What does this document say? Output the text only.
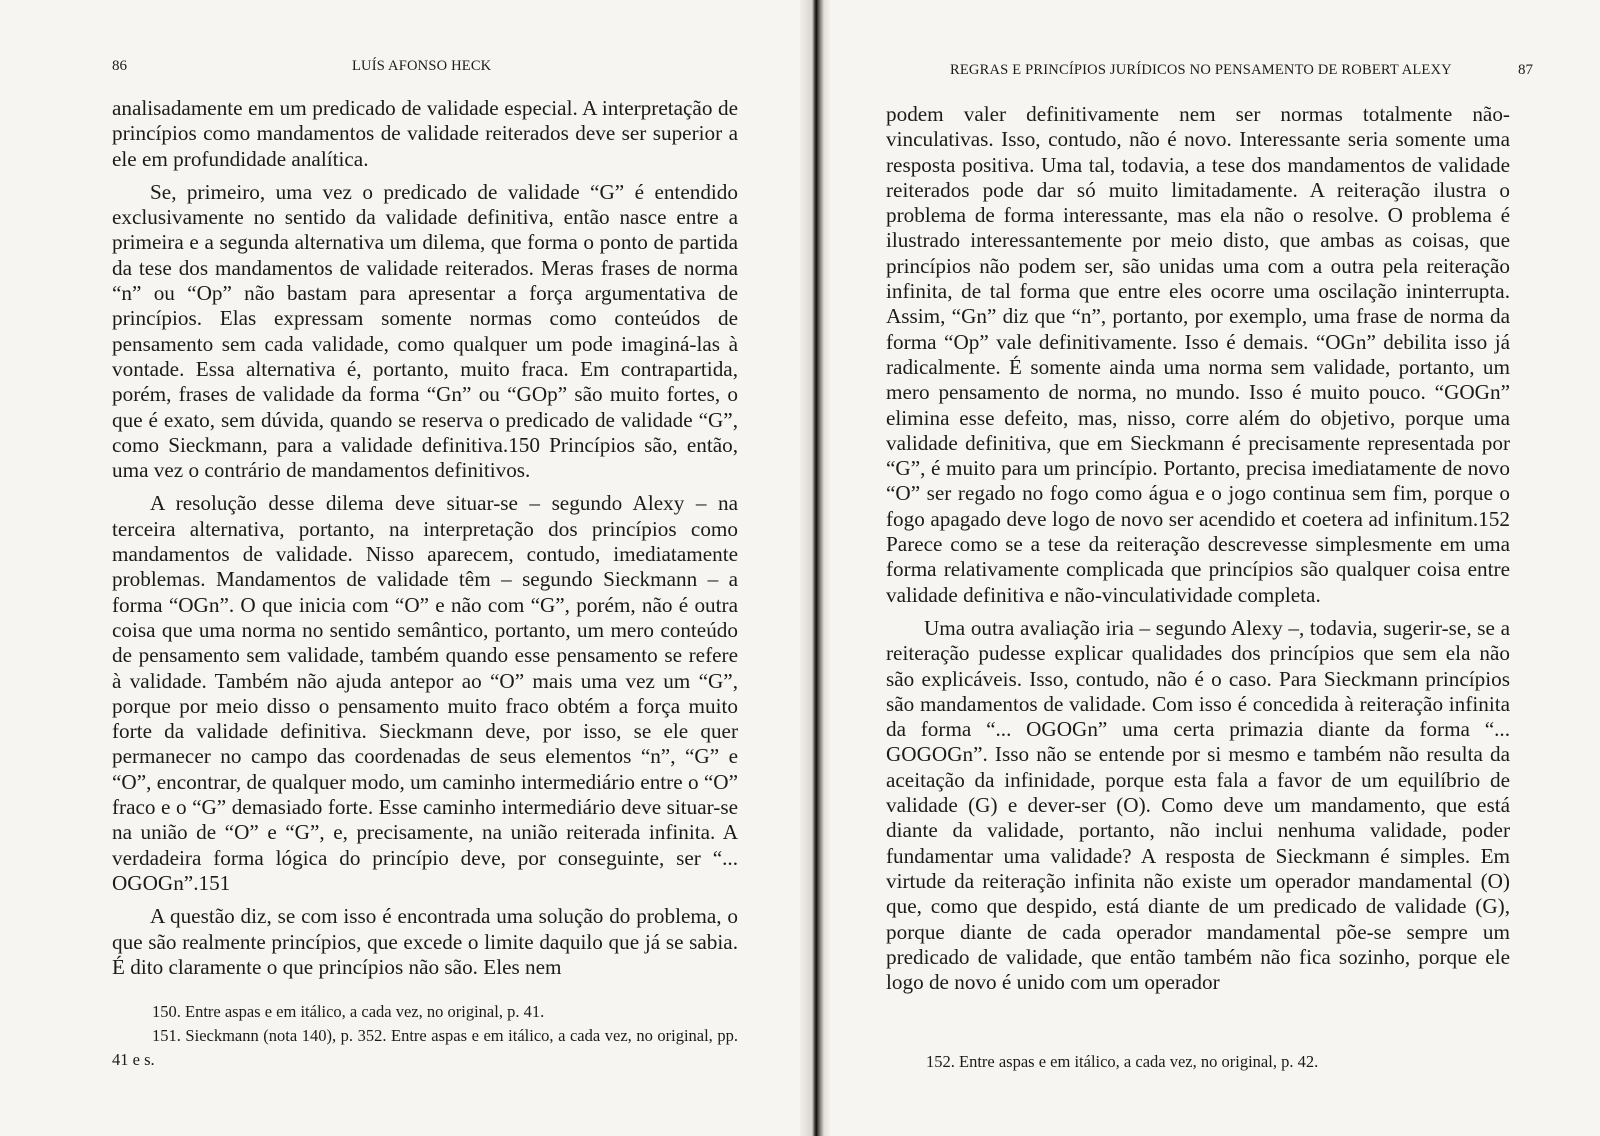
86	LUÍS AFONSO HECK

analisadamente em um predicado de validade especial. A interpretação de princípios como mandamentos de validade reiterados deve ser superior a ele em profundidade analítica.

Se, primeiro, uma vez o predicado de validade “G” é entendido exclusivamente no sentido da validade definitiva, então nasce entre a primeira e a segunda alternativa um dilema, que forma o ponto de partida da tese dos mandamentos de validade reiterados. Meras frases de norma “n” ou “Op” não bastam para apresentar a força argumentativa de princípios. Elas expressam somente normas como conteúdos de pensamento sem cada validade, como qualquer um pode imaginá-las à vontade. Essa alternativa é, portanto, muito fraca. Em contrapartida, porém, frases de validade da forma “Gn” ou “GOp” são muito fortes, o que é exato, sem dúvida, quando se reserva o predicado de validade “G”, como Sieckmann, para a validade definitiva.150 Princípios são, então, uma vez o contrário de mandamentos definitivos.

A resolução desse dilema deve situar-se – segundo Alexy – na terceira alternativa, portanto, na interpretação dos princípios como mandamentos de validade. Nisso aparecem, contudo, imediatamente problemas. Mandamentos de validade têm – segundo Sieckmann – a forma “OGn”. O que inicia com “O” e não com “G”, porém, não é outra coisa que uma norma no sentido semântico, portanto, um mero conteúdo de pensamento sem validade, também quando esse pensamento se refere à validade. Também não ajuda antepor ao “O” mais uma vez um “G”, porque por meio disso o pensamento muito fraco obtém a força muito forte da validade definitiva. Sieckmann deve, por isso, se ele quer permanecer no campo das coordenadas de seus elementos “n”, “G” e “O”, encontrar, de qualquer modo, um caminho intermediário entre o “O” fraco e o “G” demasiado forte. Esse caminho intermediário deve situar-se na união de “O” e “G”, e, precisamente, na união reiterada infinita. A verdadeira forma lógica do princípio deve, por conseguinte, ser “... OGOGn”.151

A questão diz, se com isso é encontrada uma solução do problema, o que são realmente princípios, que excede o limite daquilo que já se sabia. É dito claramente o que princípios não são. Eles nem

150. Entre aspas e em itálico, a cada vez, no original, p. 41.

151. Sieckmann (nota 140), p. 352. Entre aspas e em itálico, a cada vez, no original, pp. 41 e s.

REGRAS E PRINCÍPIOS JURÍDICOS NO PENSAMENTO DE ROBERT ALEXY	87

podem valer definitivamente nem ser normas totalmente não-vinculativas. Isso, contudo, não é novo. Interessante seria somente uma resposta positiva. Uma tal, todavia, a tese dos mandamentos de validade reiterados pode dar só muito limitadamente. A reiteração ilustra o problema de forma interessante, mas ela não o resolve. O problema é ilustrado interessantemente por meio disto, que ambas as coisas, que princípios não podem ser, são unidas uma com a outra pela reiteração infinita, de tal forma que entre eles ocorre uma oscilação ininterrupta. Assim, “Gn” diz que “n”, portanto, por exemplo, uma frase de norma da forma “Op” vale definitivamente. Isso é demais. “OGn” debilita isso já radicalmente. É somente ainda uma norma sem validade, portanto, um mero pensamento de norma, no mundo. Isso é muito pouco. “GOGn” elimina esse defeito, mas, nisso, corre além do objetivo, porque uma validade definitiva, que em Sieckmann é precisamente representada por “G”, é muito para um princípio. Portanto, precisa imediatamente de novo “O” ser regado no fogo como água e o jogo continua sem fim, porque o fogo apagado deve logo de novo ser acendido et coetera ad infinitum.152 Parece como se a tese da reiteração descrevesse simplesmente em uma forma relativamente complicada que princípios são qualquer coisa entre validade definitiva e não-vinculatividade completa.

Uma outra avaliação iria – segundo Alexy –, todavia, sugerir-se, se a reiteração pudesse explicar qualidades dos princípios que sem ela não são explicáveis. Isso, contudo, não é o caso. Para Sieckmann princípios são mandamentos de validade. Com isso é concedida à reiteração infinita da forma “... OGOGn” uma certa primazia diante da forma “... GOGOGn”. Isso não se entende por si mesmo e também não resulta da aceitação da infinidade, porque esta fala a favor de um equilíbrio de validade (G) e dever-ser (O). Como deve um mandamento, que está diante da validade, portanto, não inclui nenhuma validade, poder fundamentar uma validade? A resposta de Sieckmann é simples. Em virtude da reiteração infinita não existe um operador mandamental (O) que, como que despido, está diante de um predicado de validade (G), porque diante de cada operador mandamental põe-se sempre um predicado de validade, que então também não fica sozinho, porque ele logo de novo é unido com um operador

152. Entre aspas e em itálico, a cada vez, no original, p. 42.
